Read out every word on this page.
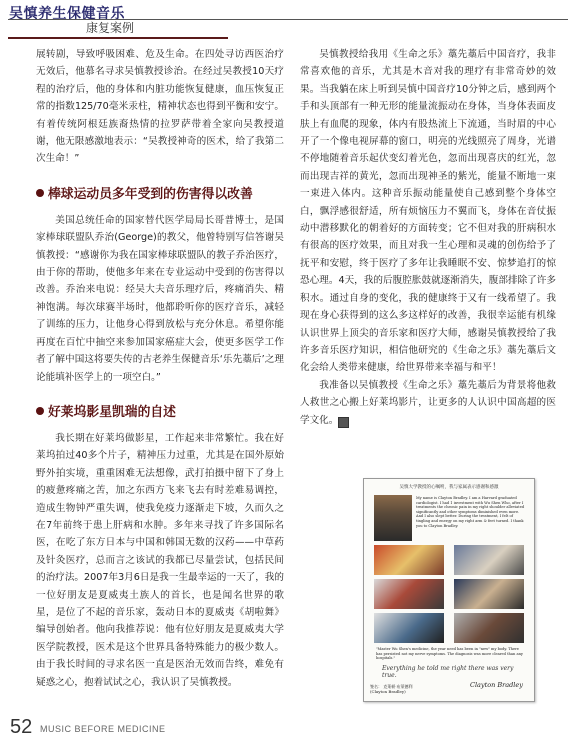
吴慎养生保健音乐
康复案例

展转剧，导致呼吸困难、危及生命。在四处寻访西医治疗无效后，他慕名寻求吴慎教授诊治。在经过吴教授10天疗程的治疗后，他的身体和内脏功能恢复健康，血压恢复正常的指数125/70毫米汞柱，精神状态也得到平衡和安宁。有着传统阿根廷族裔热情的拉罗萨带着全家向吴教授道谢，他无限感激地表示：“吴教授神奇的医术，给了我第二次生命！”

棒球运动员多年受到的伤害得以改善

美国总统任命的国家替代医学局局长哥普博士，是国家棒球联盟队乔治(George)的教父，他曾特别写信答谢吴慎教授：“感谢你为我在国家棒球联盟队的教子乔治医疗，由于你的帮助，使他多年来在专业运动中受到的伤害得以改善。乔治来电说：经吴大夫音乐理疗后，疼痛消失、精神饱满。每次球赛半场时，他都聆听你的医疗音乐，减轻了训练的压力，让他身心得到放松与充分休息。希望你能再度在百忙中抽空来参加国家癌症大会，使更多医学工作者了解中国这将要失传的古老养生保健音乐‘乐先藁后’之理论能填补医学上的一项空白。”

好莱坞影星凯瑞的自述

我长期在好莱坞做影星，工作起来非常繁忙。我在好莱坞拍过40多个片子，精神压力过重，尤其是在国外原始野外拍实境，重重困难无法想像，武打拍摄中留下了身上的疲惫疼痛之苦，加之东西方飞来飞去有时差难易调控，造成生物钟严重失调，使我免疫力逐渐走下坡，久而久之在7年前终于患上肝病和水肿。多年来寻找了许多国际名医，在吃了东方日本与中国和韩国无数的汉药——中草药及针灸医疗，总而言之该试的我都已尽量尝试，包括民间的治疗法。2007年3月6日是我一生最幸运的一天了，我的一位好朋友是夏威夷土族人的首长，也是闻名世界的歌星，是位了不起的音乐家，轰动日本的夏威夷《胡啦舞》编导创始者。他向我推荐说：他有位好朋友是夏威夷大学医学院教授，医术是这个世界具备特殊能力的极少数人。由于我长时间的寻求名医一直是医治无效而告终，难免有疑惑之心，抱着试试之心，我认识了吴慎教授。

吴慎教授给我用《生命之乐》藁先藁后中国音疗，我非常喜欢他的音乐，尤其是木音对我的理疗有非常奇妙的效果。当我躺在床上听到吴慎中国音疗10分钟之后，感到两个手和头顶部有一种无形的能量流振动在身体，当身体表面皮肤上有血爬的现象，体内有股热流上下流通，当时眉的中心开了一个像电视屏幕的窗口，明亮的光线照亮了周身，光谱不停地随着音乐起伏变幻着光色，忽而出现喜庆的红光，忽而出现吉祥的黄光，忽而出现神圣的紫光，能量不断地一束一束进入体内。这种音乐振动能量使自己感到整个身体空白，飘浮感很舒适，所有烦恼压力不翼而飞，身体在音仗振动中潜移默化的朝着好的方面转变；它不但对我的肝病积水有很高的医疗效果，而且对我一生心理和灵魂的创伤给予了抚平和安慰，终于医疗了多年让我睡眠不安、惊梦追打的惊恐心理。4天，我的后腹腔胀鼓就逐渐消失，腹部排除了许多积水。通过自身的变化，我的健康终于又有一线希望了。我现在身心获得到的这么多这样好的改善，我很幸运能有机缘认识世界上顶尖的音乐家和医疗大师，感谢吴慎教授给了我许多音乐医疗知识，相信他研究的《生命之乐》藁先藁后文化会给人类带来健康，给世界带来幸福与和平！

我准备以吴慎教授《生命之乐》藁先藁后为背景将他救人救世之心搬上好莱坞影片，让更多的人认识中国高超的医学文化。	完

吴慎大学教授的心嘱咐，我与家属表示感谢和感激
My name is Clayton Bradley. I am a Harvard graduated cardiologist. I had 1 investment with Wu Shen Who, after I treatments the chronic pain in my right shoulder alleviated significantly and other symptoms diminished even more. And I also slept better. During the treatment, I felt of tingling and energy on my right arm & feet turned. I thank you to Clayton Bradley.
"Master Wu Shen's medicine, the year need has been in "new" my body. There has persisted not my nerve symptoms. The diagnosis was more cleared than any hospitals."
Everything he told me right there was very true.
签名： 克莱顿·布莱德利
(Clayton Bradley)
Clayton Bradley
52 MUSIC BEFORE MEDICINE
